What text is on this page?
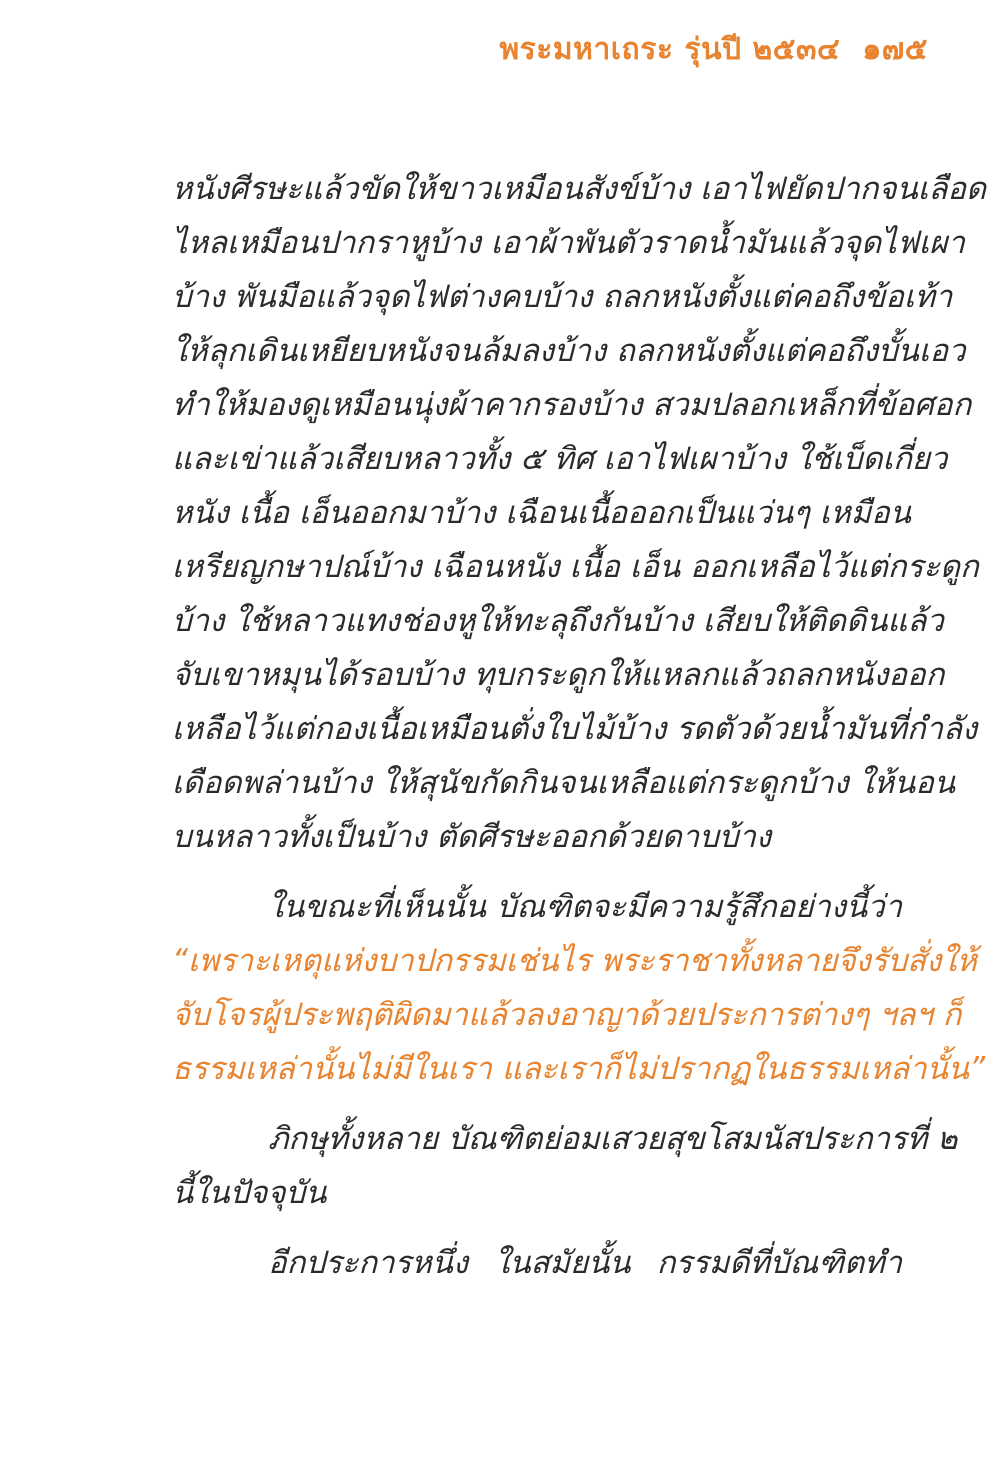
พระมหาเถระ รุ่นปี ๒๕๓๔ ๑๗๕
หนังศีรษะแล้วขัดให้ขาวเหมือนสังข์บ้าง เอาไฟยัดปากจนเลือด
ไหลเหมือนปากราหูบ้าง เอาผ้าพันตัวราดน้ำมันแล้วจุดไฟเผา
บ้าง พันมือแล้วจุดไฟต่างคบบ้าง ถลกหนังตั้งแต่คอถึงข้อเท้า
ให้ลุกเดินเหยียบหนังจนล้มลงบ้าง ถลกหนังตั้งแต่คอถึงบั้นเอว
ทำให้มองดูเหมือนนุ่งผ้าคากรองบ้าง สวมปลอกเหล็กที่ข้อศอก
และเข่าแล้วเสียบหลาวทั้ง ๕ ทิศ เอาไฟเผาบ้าง ใช้เบ็ดเกี่ยว
หนัง เนื้อ เอ็นออกมาบ้าง เฉือนเนื้อออกเป็นแว่นๆ เหมือน
เหรียญกษาปณ์บ้าง เฉือนหนัง เนื้อ เอ็น ออกเหลือไว้แต่กระดูก
บ้าง ใช้หลาวแทงช่องหูให้ทะลุถึงกันบ้าง เสียบให้ติดดินแล้ว
จับเขาหมุนได้รอบบ้าง ทุบกระดูกให้แหลกแล้วถลกหนังออก
เหลือไว้แต่กองเนื้อเหมือนตั่งใบไม้บ้าง รดตัวด้วยน้ำมันที่กำลัง
เดือดพล่านบ้าง ให้สุนัขกัดกินจนเหลือแต่กระดูกบ้าง ให้นอน
บนหลาวทั้งเป็นบ้าง ตัดศีรษะออกด้วยดาบบ้าง
ในขณะที่เห็นนั้น บัณฑิตจะมีความรู้สึกอย่างนี้ว่า
“เพราะเหตุแห่งบาปกรรมเช่นไร พระราชาทั้งหลายจึงรับสั่งให้
จับโจรผู้ประพฤติผิดมาแล้วลงอาญาด้วยประการต่างๆ ฯลฯ ก็
ธรรมเหล่านั้นไม่มีในเรา และเราก็ไม่ปรากฏในธรรมเหล่านั้น”
ภิกษุทั้งหลาย บัณฑิตย่อมเสวยสุขโสมนัสประการที่ ๒
นี้ในปัจจุบัน
อีกประการหนึ่ง ในสมัยนั้น กรรมดีที่บัณฑิตทำ
